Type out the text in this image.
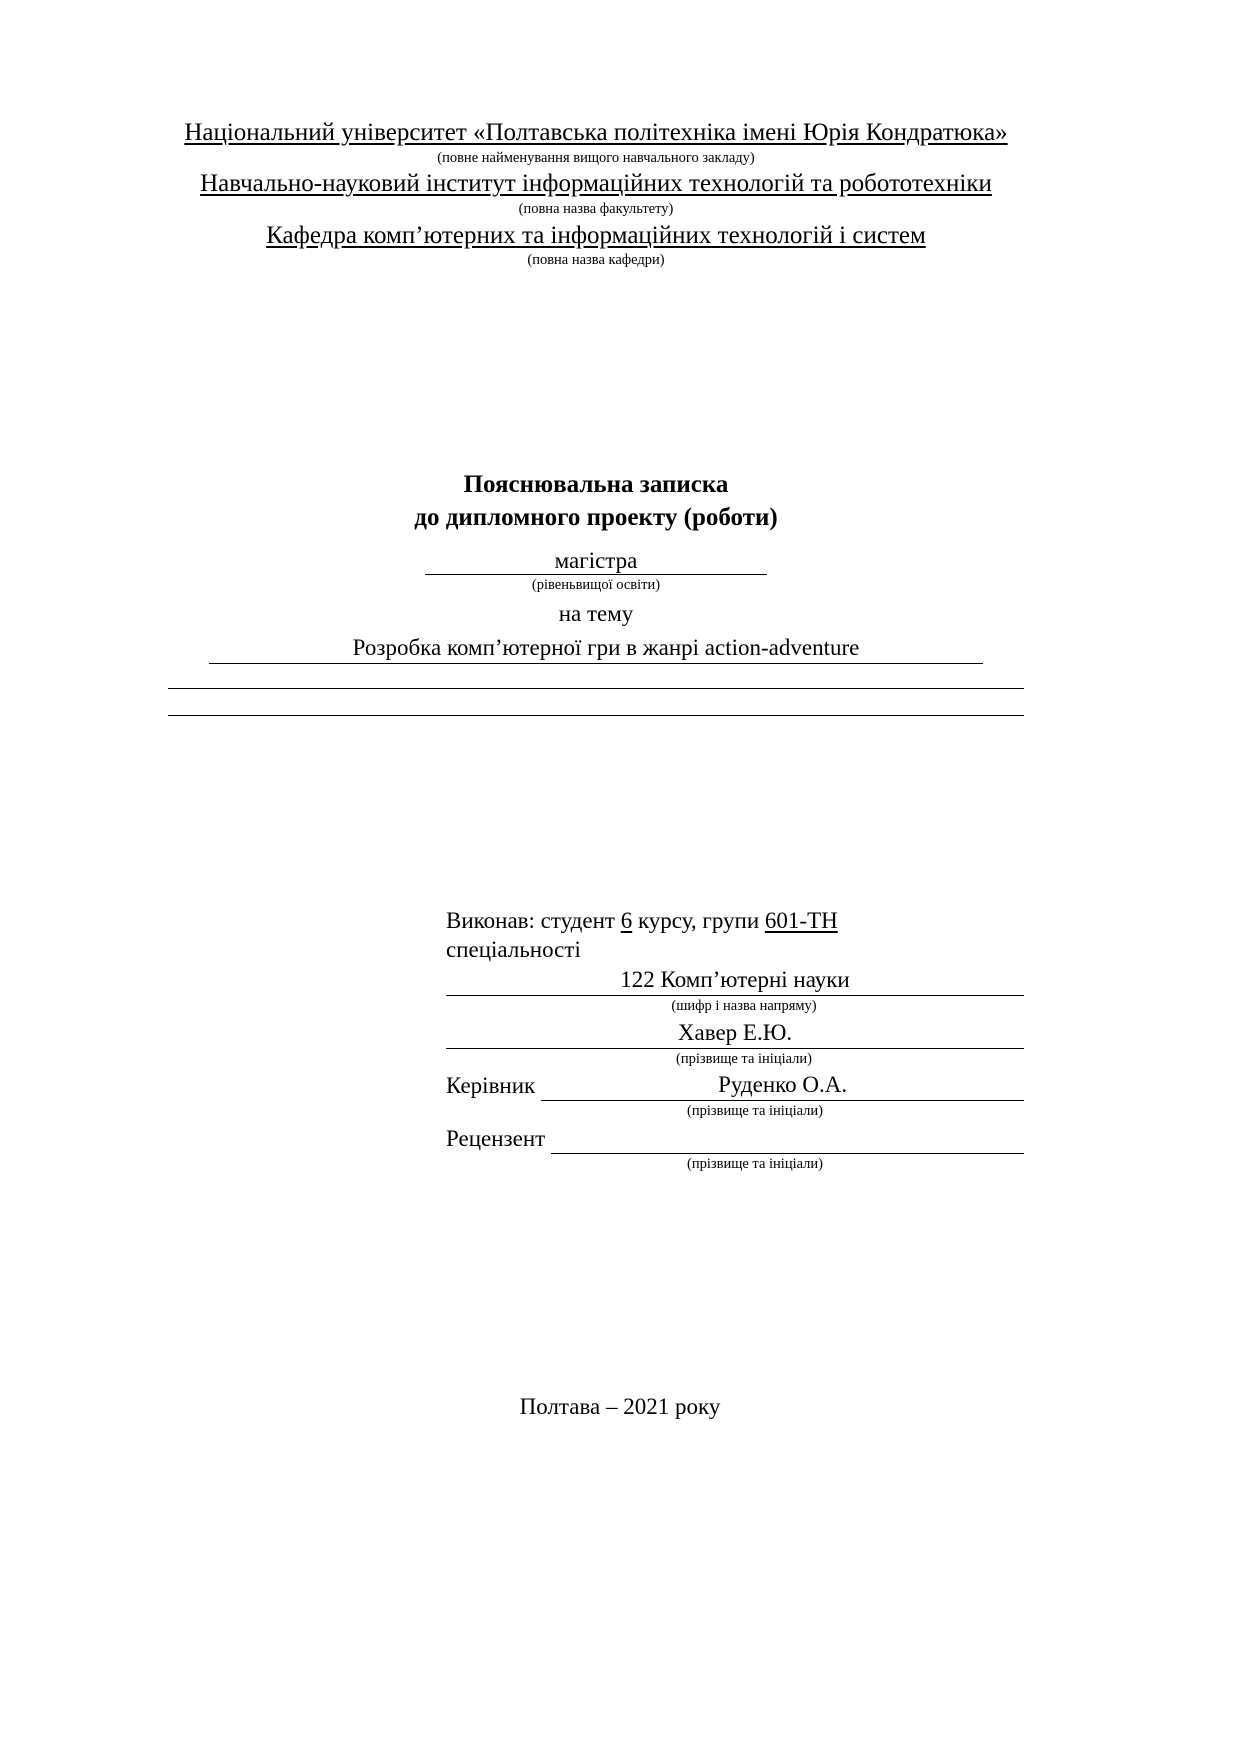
Національний університет «Полтавська політехніка імені Юрія Кондратюка»
(повне найменування вищого навчального закладу)
Навчально-науковий інститут інформаційних технологій та робототехніки
(повна назва факультету)
Кафедра комп’ютерних та інформаційних технологій і систем
(повна назва кафедри)
Пояснювальна записка
до дипломного проекту (роботи)
магістра
(рівеньвищої освіти)
на тему
Розробка комп’ютерної гри в жанрі action-adventure
Виконав: студент 6 курсу, групи 601-ТН
спеціальності
122 Комп’ютерні науки
(шифр і назва напряму)
Хавер Е.Ю.
(прізвище та ініціали)
Керівник	Руденко О.А.
(прізвище та ініціали)
Рецензент
(прізвище та ініціали)
Полтава – 2021 року
